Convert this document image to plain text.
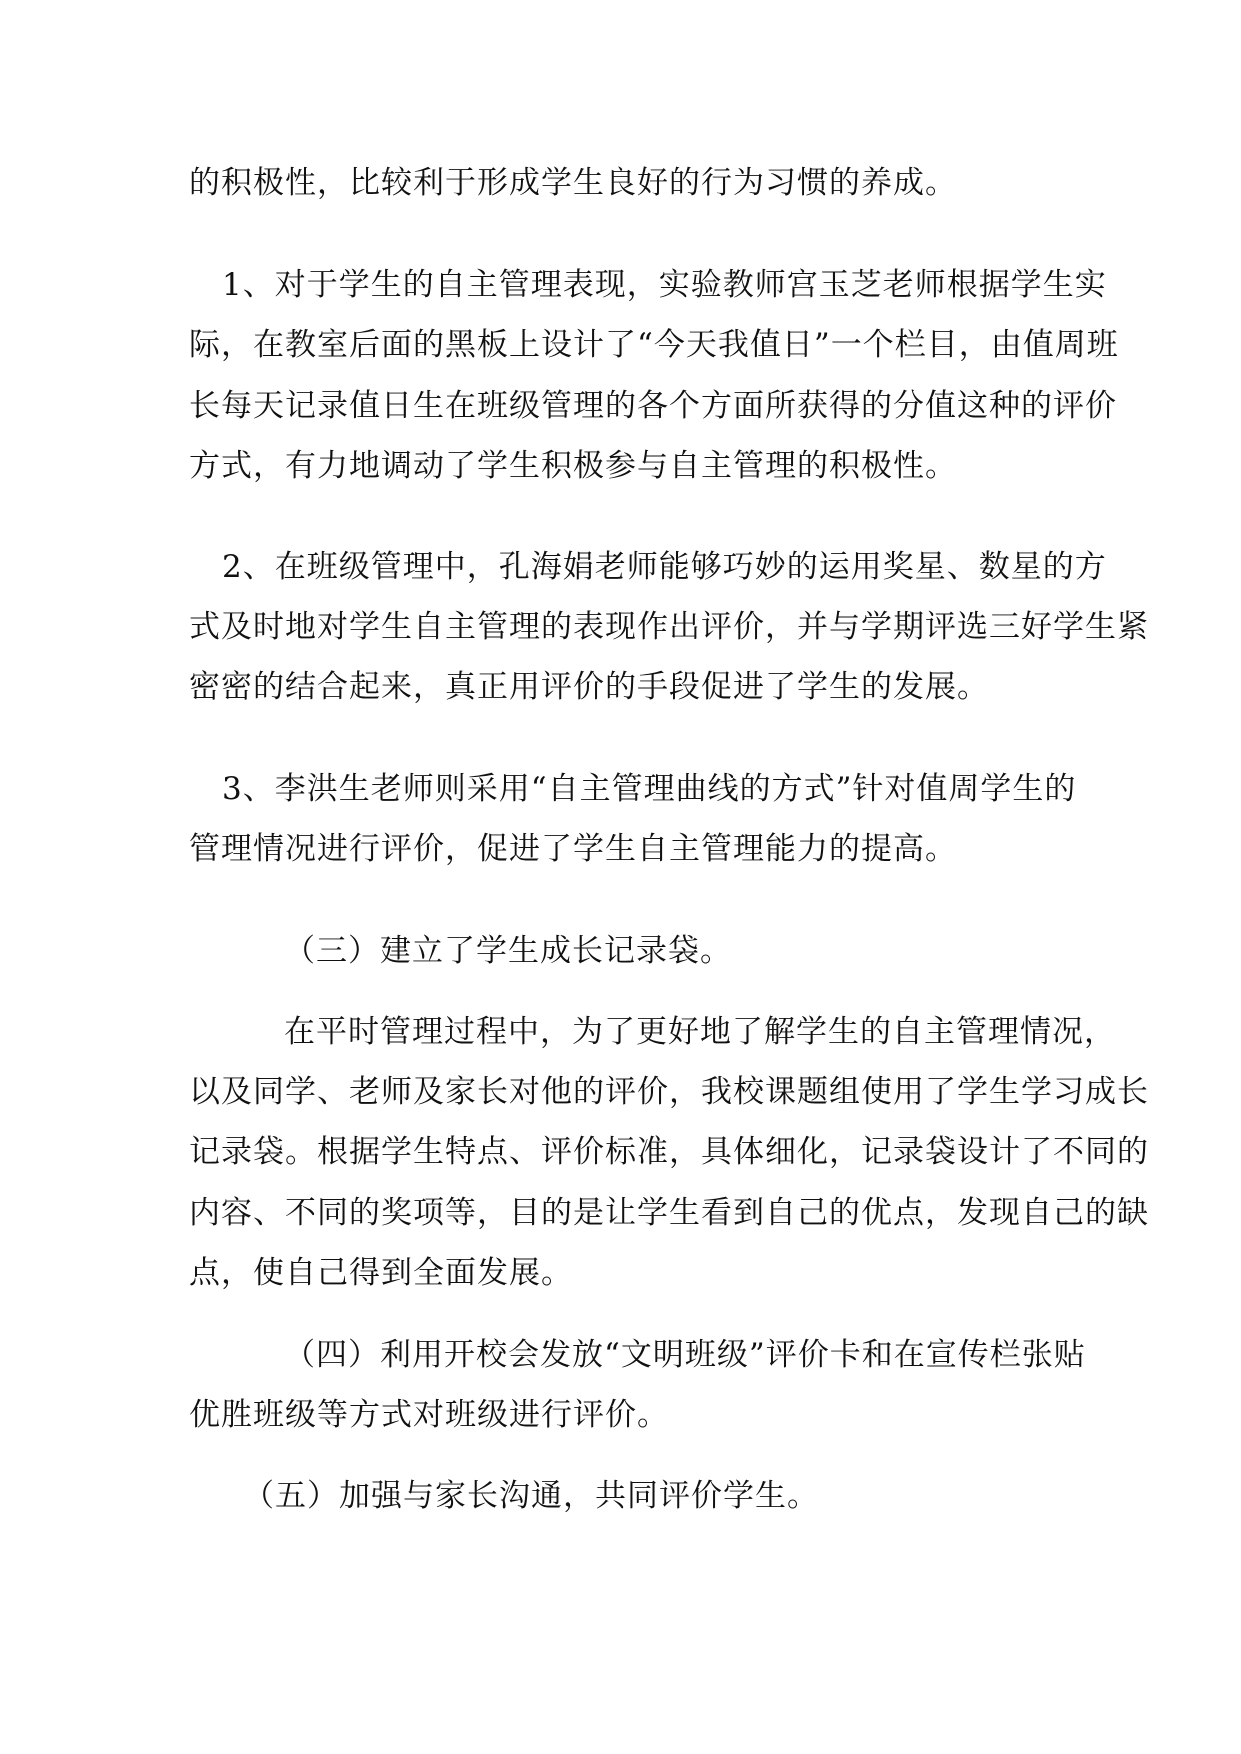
的积极性，比较利于形成学生良好的行为习惯的养成。
1、对于学生的自主管理表现，实验教师宫玉芝老师根据学生实
际，在教室后面的黑板上设计了“今天我值日”一个栏目，由值周班
长每天记录值日生在班级管理的各个方面所获得的分值这种的评价
方式，有力地调动了学生积极参与自主管理的积极性。
2、在班级管理中，孔海娟老师能够巧妙的运用奖星、数星的方
式及时地对学生自主管理的表现作出评价，并与学期评选三好学生紧
密密的结合起来，真正用评价的手段促进了学生的发展。
3、李洪生老师则采用“自主管理曲线的方式”针对值周学生的
管理情况进行评价，促进了学生自主管理能力的提高。
（三）建立了学生成长记录袋。
在平时管理过程中，为了更好地了解学生的自主管理情况，
以及同学、老师及家长对他的评价，我校课题组使用了学生学习成长
记录袋。根据学生特点、评价标准，具体细化，记录袋设计了不同的
内容、不同的奖项等，目的是让学生看到自己的优点，发现自己的缺
点，使自己得到全面发展。
（四）利用开校会发放“文明班级”评价卡和在宣传栏张贴
优胜班级等方式对班级进行评价。
（五）加强与家长沟通，共同评价学生。
